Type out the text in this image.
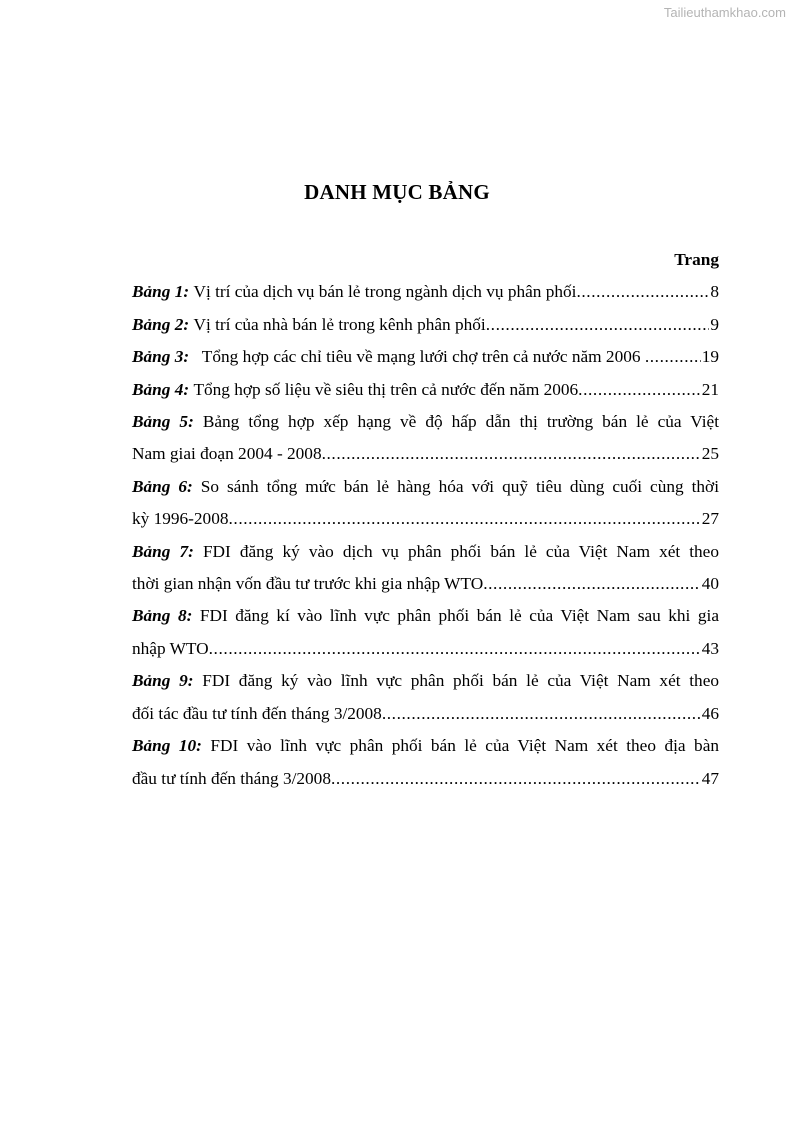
Tailieuthamkhao.com
DANH MỤC BẢNG
Trang
Bảng 1:
Vị trí của dịch vụ bán lẻ trong ngành dịch vụ phân phối .....	8
Bảng 2:
Vị trí của nhà bán lẻ trong kênh phân phối .....	9
Bảng 3:
Tổng hợp các chỉ tiêu về mạng lưới chợ trên cả nước năm 2006 .....	19
Bảng 4:
Tổng hợp số liệu về siêu thị trên cả nước đến năm 2006 .....	21
Bảng 5: Bảng tổng hợp xếp hạng về độ hấp dẫn thị trường bán lẻ của Việt
Nam giai đoạn 2004 - 2008 .....	25
Bảng 6: So sánh tổng mức bán lẻ hàng hóa với quỹ tiêu dùng cuối cùng thời
kỳ 1996-2008 .....	27
Bảng 7: FDI đăng ký vào dịch vụ phân phối bán lẻ của Việt Nam xét theo
thời gian nhận vốn đầu tư trước khi gia nhập WTO .....	40
Bảng 8: FDI đăng kí vào lĩnh vực phân phối bán lẻ của Việt Nam sau khi gia
nhập WTO .....	43
Bảng 9: FDI đăng ký vào lĩnh vực phân phối bán lẻ của Việt Nam xét theo
đối tác đầu tư tính đến tháng 3/2008 .....	46
Bảng 10: FDI vào lĩnh vực phân phối bán lẻ của Việt Nam xét theo địa bàn
đầu tư tính đến tháng 3/2008 .....	47
